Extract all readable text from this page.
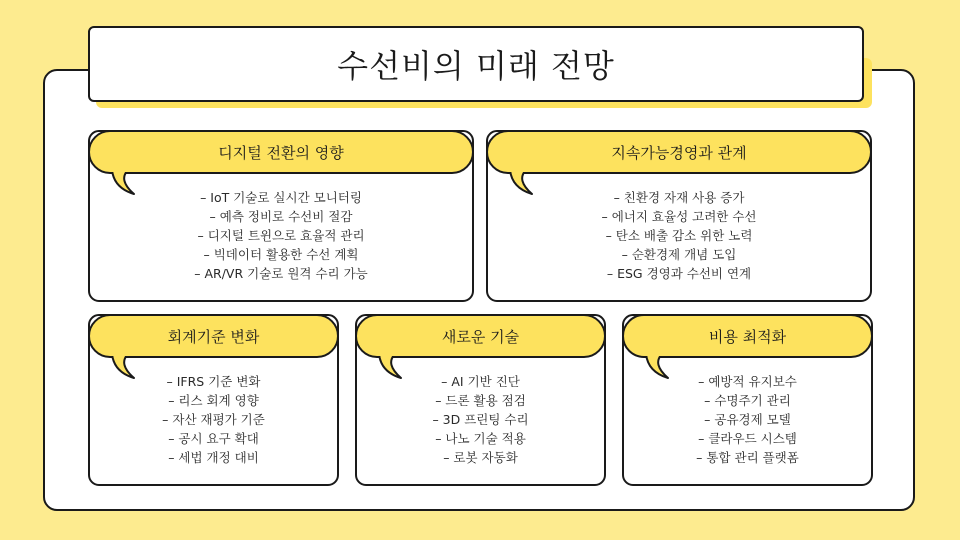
수선비의 미래 전망
디지털 전환의 영향
– IoT 기술로 실시간 모니터링
– 예측 정비로 수선비 절감
– 디지털 트윈으로 효율적 관리
– 빅데이터 활용한 수선 계획
– AR/VR 기술로 원격 수리 가능
지속가능경영과 관계
– 친환경 자재 사용 증가
– 에너지 효율성 고려한 수선
– 탄소 배출 감소 위한 노력
– 순환경제 개념 도입
– ESG 경영과 수선비 연계
회계기준 변화
– IFRS 기준 변화
– 리스 회계 영향
– 자산 재평가 기준
– 공시 요구 확대
– 세법 개정 대비
새로운 기술
– AI 기반 진단
– 드론 활용 점검
– 3D 프린팅 수리
– 나노 기술 적용
– 로봇 자동화
비용 최적화
– 예방적 유지보수
– 수명주기 관리
– 공유경제 모델
– 클라우드 시스템
– 통합 관리 플랫폼
